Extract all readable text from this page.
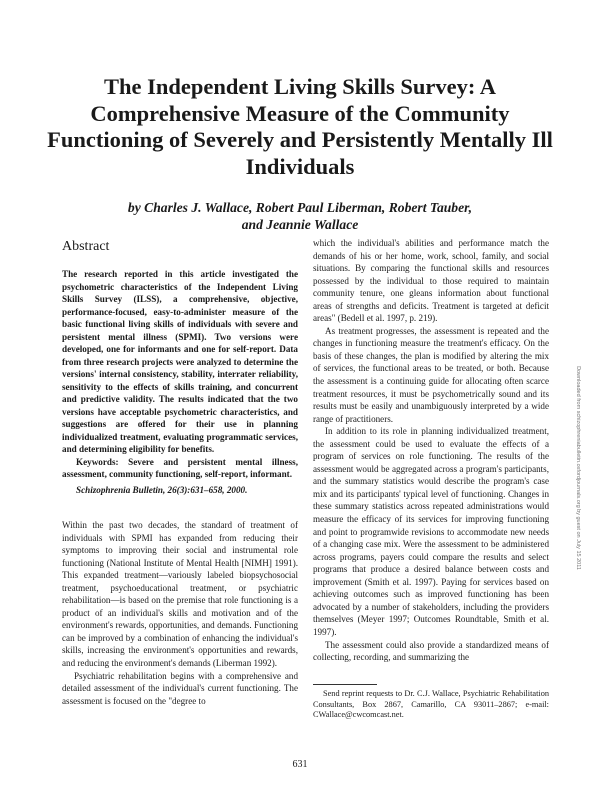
The Independent Living Skills Survey: A Comprehensive Measure of the Community Functioning of Severely and Persistently Mentally Ill Individuals
by Charles J. Wallace, Robert Paul Liberman, Robert Tauber,
and Jeannie Wallace
Abstract

The research reported in this article investigated the psychometric characteristics of the Independent Living Skills Survey (ILSS), a comprehensive, objective, performance-focused, easy-to-administer measure of the basic functional living skills of individuals with severe and persistent mental illness (SPMI). Two versions were developed, one for informants and one for self-report. Data from three research projects were analyzed to determine the versions' internal consistency, stability, interrater reliability, sensitivity to the effects of skills training, and concurrent and predictive validity. The results indicated that the two versions have acceptable psychometric characteristics, and suggestions are offered for their use in planning individualized treatment, evaluating programmatic services, and determining eligibility for benefits.

Keywords: Severe and persistent mental illness, assessment, community functioning, self-report, informant.

Schizophrenia Bulletin, 26(3):631–658, 2000.

Within the past two decades, the standard of treatment of individuals with SPMI has expanded from reducing their symptoms to improving their social and instrumental role functioning (National Institute of Mental Health [NIMH] 1991). This expanded treatment—variously labeled biopsychosocial treatment, psychoeducational treatment, or psychiatric rehabilitation—is based on the premise that role functioning is a product of an individual's skills and motivation and of the environment's rewards, opportunities, and demands. Functioning can be improved by a combination of enhancing the individual's skills, increasing the environment's opportunities and rewards, and reducing the environment's demands (Liberman 1992).

Psychiatric rehabilitation begins with a comprehensive and detailed assessment of the individual's current functioning. The assessment is focused on the "degree to

which the individual's abilities and performance match the demands of his or her home, work, school, family, and social situations. By comparing the functional skills and resources possessed by the individual to those required to maintain community tenure, one gleans information about functional areas of strengths and deficits. Treatment is targeted at deficit areas" (Bedell et al. 1997, p. 219).

As treatment progresses, the assessment is repeated and the changes in functioning measure the treatment's efficacy. On the basis of these changes, the plan is modified by altering the mix of services, the functional areas to be treated, or both. Because the assessment is a continuing guide for allocating often scarce treatment resources, it must be psychometrically sound and its results must be easily and unambiguously interpreted by a wide range of practitioners.

In addition to its role in planning individualized treatment, the assessment could be used to evaluate the effects of a program of services on role functioning. The results of the assessment would be aggregated across a program's participants, and the summary statistics would describe the program's case mix and its participants' typical level of functioning. Changes in these summary statistics across repeated administrations would measure the efficacy of its services for improving functioning and point to programwide revisions to accommodate new needs of a changing case mix. Were the assessment to be administered across programs, payers could compare the results and select programs that produce a desired balance between costs and improvement (Smith et al. 1997). Paying for services based on achieving outcomes such as improved functioning has been advocated by a number of stakeholders, including the providers themselves (Meyer 1997; Outcomes Roundtable, Smith et al. 1997).

The assessment could also provide a standardized means of collecting, recording, and summarizing the

Send reprint requests to Dr. C.J. Wallace, Psychiatric Rehabilitation Consultants, Box 2867, Camarillo, CA 93011–2867; e-mail: CWallace@cwcomcast.net.

631
Downloaded from schizophreniabulletin.oxfordjournals.org by guest on July 15 2011
